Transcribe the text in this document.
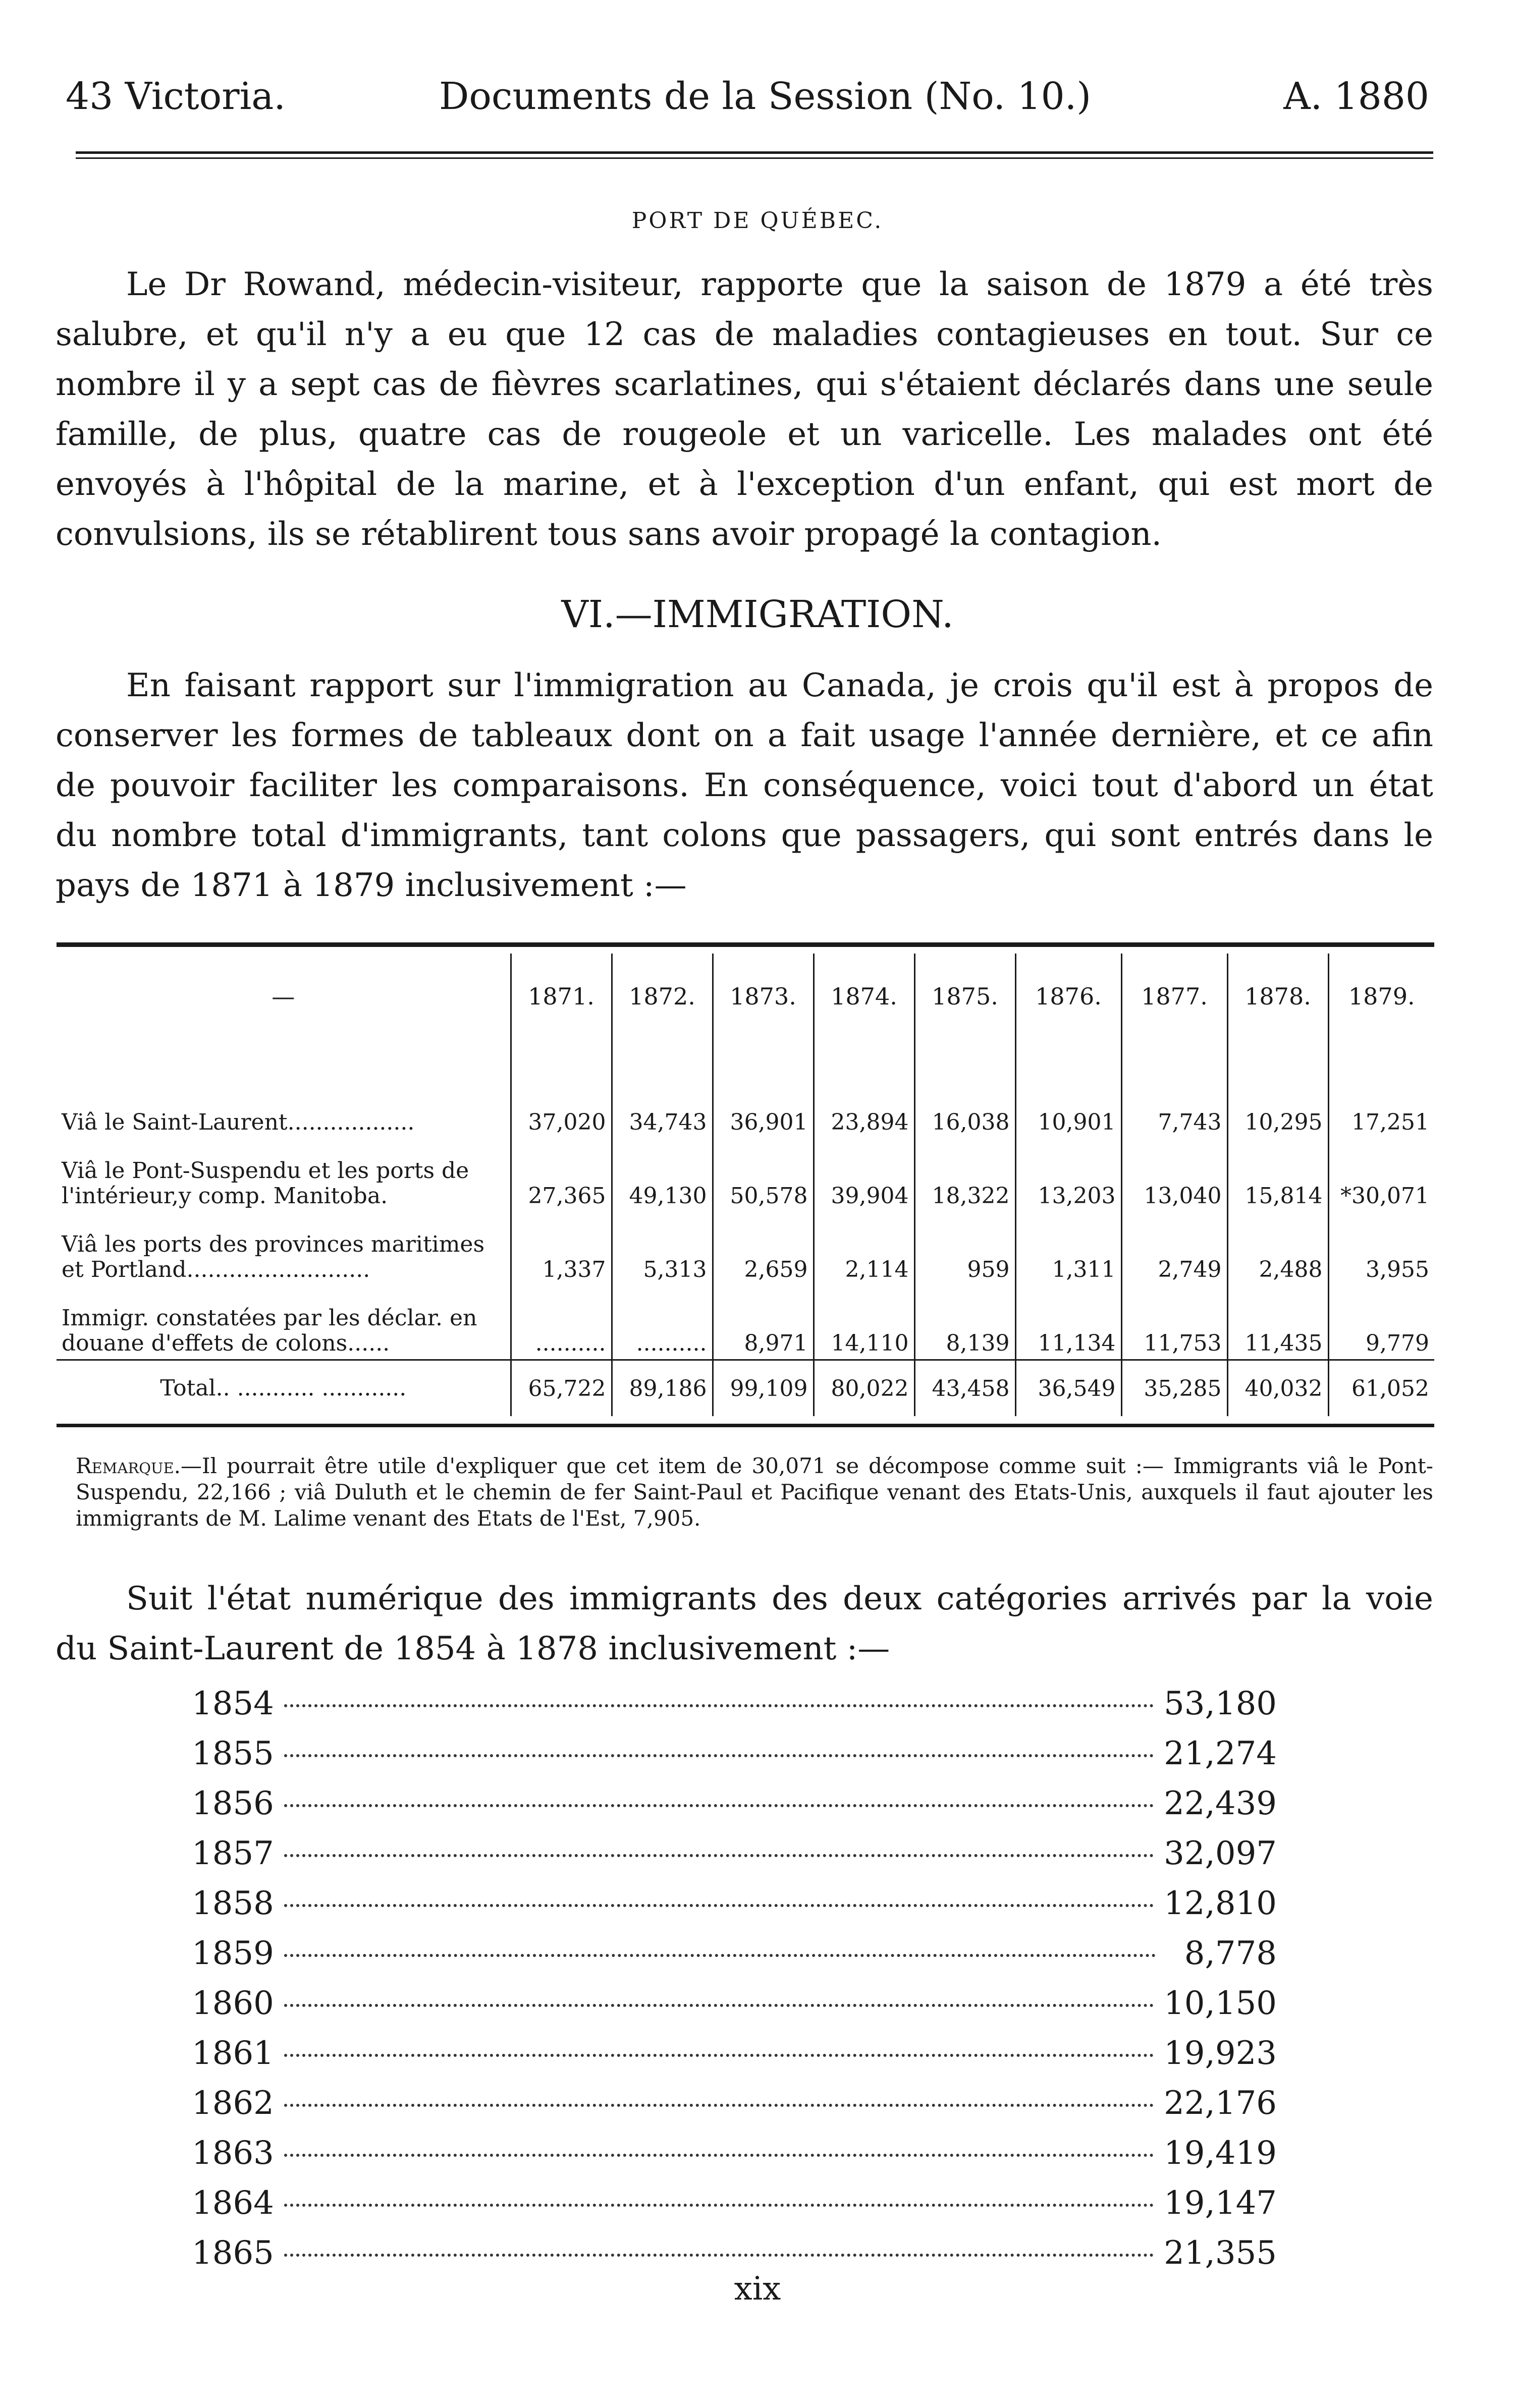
43 Victoria.	Documents de la Session (No. 10.)	A. 1880
PORT DE QUÉBEC.

Le Dr Rowand, médecin-visiteur, rapporte que la saison de 1879 a été très salubre, et qu'il n'y a eu que 12 cas de maladies contagieuses en tout. Sur ce nombre il y a sept cas de fièvres scarlatines, qui s'étaient déclarés dans une seule famille, de plus, quatre cas de rougeole et un varicelle. Les malades ont été envoyés à l'hôpital de la marine, et à l'exception d'un enfant, qui est mort de convulsions, ils se rétablirent tous sans avoir propagé la contagion.

VI.—IMMIGRATION.

En faisant rapport sur l'immigration au Canada, je crois qu'il est à propos de conserver les formes de tableaux dont on a fait usage l'année dernière, et ce afin de pouvoir faciliter les comparaisons. En conséquence, voici tout d'abord un état du nombre total d'immigrants, tant colons que passagers, qui sont entrés dans le pays de 1871 à 1879 inclusivement :—

—	1871.	1872.	1873.	1874.	1875.	1876.	1877.	1878.	1879.

Viâ le Saint-Laurent..................	37,020	34,743	36,901	23,894	16,038	10,901	7,743	10,295	17,251
Viâ le Pont-Suspendu et les ports de l'intérieur,y comp. Manitoba.	27,365	49,130	50,578	39,904	18,322	13,203	13,040	15,814	*30,071
Viâ les ports des provinces maritimes et Portland..........................	1,337	5,313	2,659	2,114	959	1,311	2,749	2,488	3,955
Immigr. constatées par les déclar. en douane d'effets de colons......	..........	..........	8,971	14,110	8,139	11,134	11,753	11,435	9,779
Total.. ........... ............	65,722	89,186	99,109	80,022	43,458	36,549	35,285	40,032	61,052

Remarque.—Il pourrait être utile d'expliquer que cet item de 30,071 se décompose comme suit :— Immigrants viâ le Pont-Suspendu, 22,166 ; viâ Duluth et le chemin de fer Saint-Paul et Pacifique venant des Etats-Unis, auxquels il faut ajouter les immigrants de M. Lalime venant des Etats de l'Est, 7,905.

Suit l'état numérique des immigrants des deux catégories arrivés par la voie du Saint-Laurent de 1854 à 1878 inclusivement :—

1854	53,180
1855	21,274
1856	22,439
1857	32,097
1858	12,810
1859	8,778
1860	10,150
1861	19,923
1862	22,176
1863	19,419
1864	19,147
1865	21,355
xix
